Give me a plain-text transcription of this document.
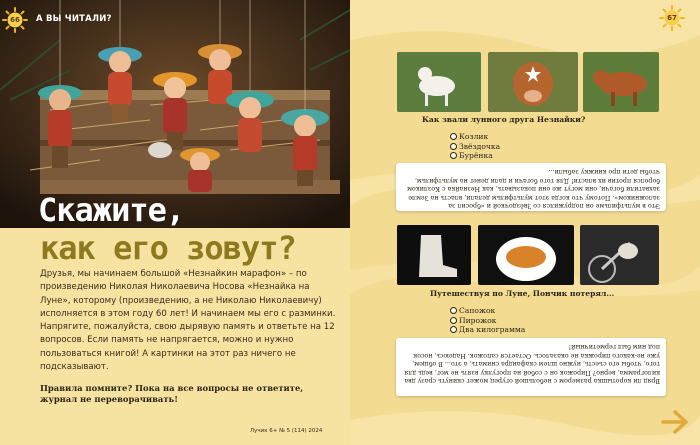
66	А ВЫ ЧИТАЛИ?
Скажите,
как его зовут?
Друзья, мы начинаем большой «Незнайкин марафон» – по произведению Николая Николаевича Носова «Незнайка на Луне», которому (произведению, а не Николаю Николаевичу) исполняется в этом году 60 лет! И начинаем мы его с разминки. Напрягите, пожалуйста, свою дырявую память и ответьте на 12 вопросов. Если память не напрягается, можно и нужно пользоваться книгой! А картинки на этот раз ничего не подсказывают.
Правила помните? Пока на все вопросы не ответите, журнал не переворачивать!
Лучик 6+ № 5 (114) 2024
67
Как звали лунного друга Незнайки?
Козлик
Звёздочка
Бурёнка
Это в мультфильме он подружился со Звёздочкой и «бросил за заложником». Потому что когда этот мультфильм делали, власть на Земле захватили богачи, они могут же они показывать, как Незнайка с Козликом боролся против их власти! Для того богачи и дали денег на мультфильм, чтобы дети про книжку забыли...
Путешествуя по Луне, Пончик потерял...
Сапожок
Пирожок
Два килограмма
Вряд ли коротышка размером с небольшой огурец может скинуть сразу два килограмма, верно? Пирожок он с собой на прогулку взять не мог, ведь для того, чтобы его съесть, нужно шлем скафандра снимать, а это... В общем, уже не-какого пирожка не оказалось. Остается сапожок. Надеюсь, носок под ним был герметичный!
